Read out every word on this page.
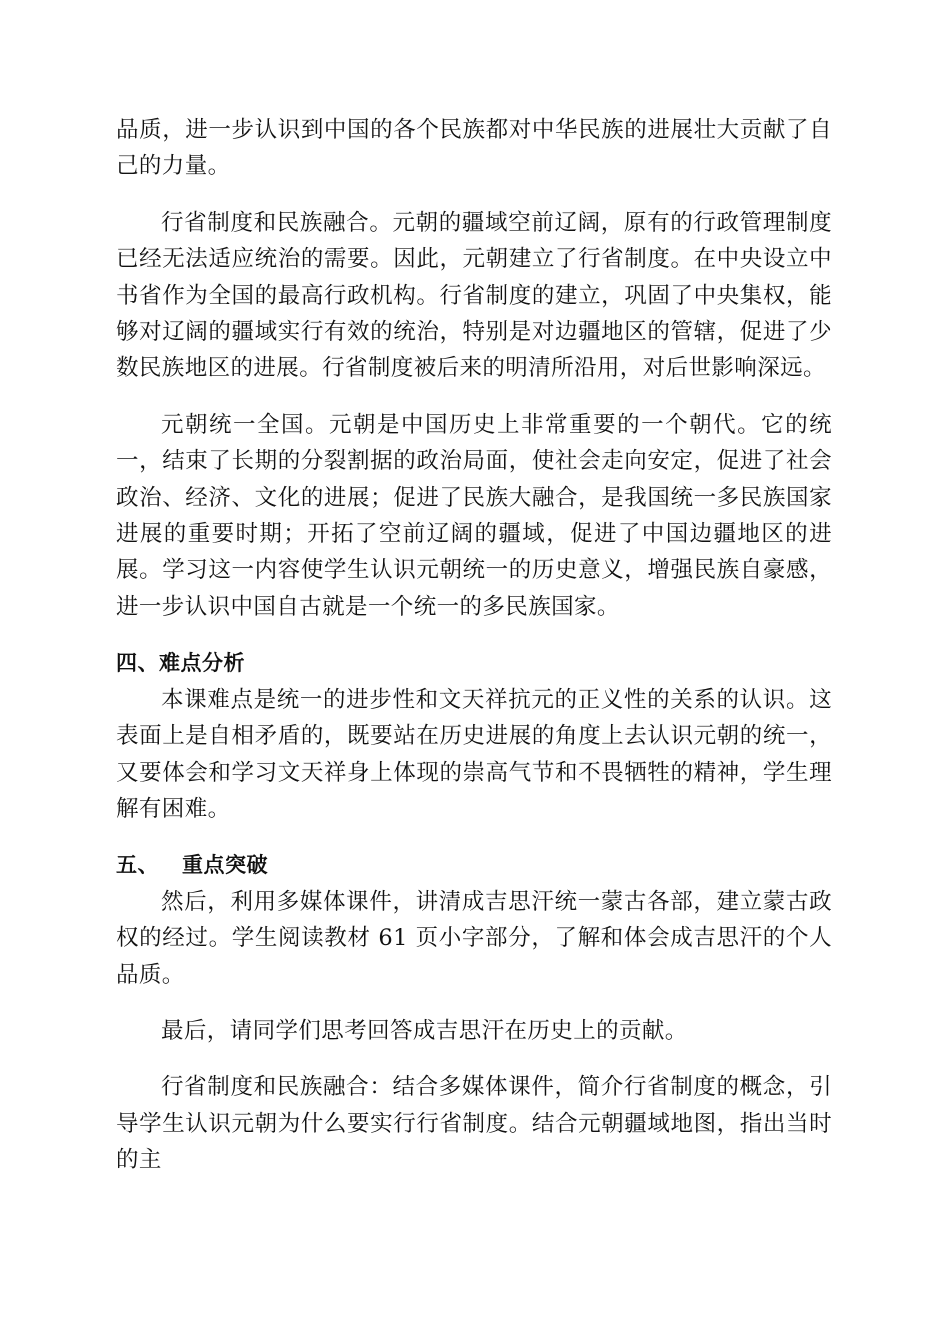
品质，进一步认识到中国的各个民族都对中华民族的进展壮大贡献了自己的力量。

行省制度和民族融合。元朝的疆域空前辽阔，原有的行政管理制度已经无法适应统治的需要。因此，元朝建立了行省制度。在中央设立中书省作为全国的最高行政机构。行省制度的建立，巩固了中央集权，能够对辽阔的疆域实行有效的统治，特别是对边疆地区的管辖，促进了少数民族地区的进展。行省制度被后来的明清所沿用，对后世影响深远。

元朝统一全国。元朝是中国历史上非常重要的一个朝代。它的统一，结束了长期的分裂割据的政治局面，使社会走向安定，促进了社会政治、经济、文化的进展；促进了民族大融合，是我国统一多民族国家进展的重要时期；开拓了空前辽阔的疆域，促进了中国边疆地区的进展。学习这一内容使学生认识元朝统一的历史意义，增强民族自豪感，进一步认识中国自古就是一个统一的多民族国家。

四、难点分析

本课难点是统一的进步性和文天祥抗元的正义性的关系的认识。这表面上是自相矛盾的，既要站在历史进展的角度上去认识元朝的统一，又要体会和学习文天祥身上体现的崇高气节和不畏牺牲的精神，学生理解有困难。

五、 重点突破

然后，利用多媒体课件，讲清成吉思汗统一蒙古各部，建立蒙古政权的经过。学生阅读教材 61 页小字部分，了解和体会成吉思汗的个人品质。

最后，请同学们思考回答成吉思汗在历史上的贡献。

行省制度和民族融合：结合多媒体课件，简介行省制度的概念，引导学生认识元朝为什么要实行行省制度。结合元朝疆域地图，指出当时的主
